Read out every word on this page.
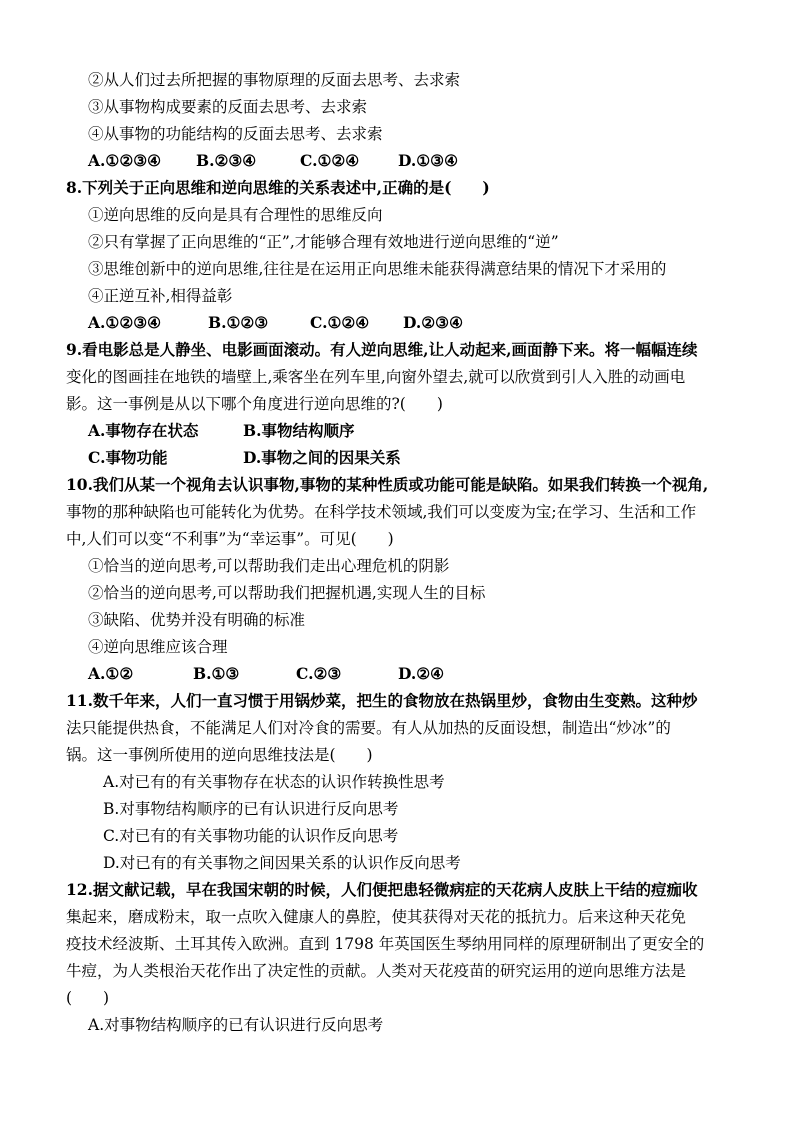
②从人们过去所把握的事物原理的反面去思考、去求索
③从事物构成要素的反面去思考、去求索
④从事物的功能结构的反面去思考、去求索
A.①②③④ B.②③④	C.①②④	D.①③④
8.下列关于正向思维和逆向思维的关系表述中,正确的是(　　)
①逆向思维的反向是具有合理性的思维反向
②只有掌握了正向思维的“正”,才能够合理有效地进行逆向思维的“逆”
③思维创新中的逆向思维,往往是在运用正向思维未能获得满意结果的情况下才采用的
④正逆互补,相得益彰
A.①②③④	B.①②③	C.①②④ D.②③④
9.看电影总是人静坐、电影画面滚动。有人逆向思维,让人动起来,画面静下来。将一幅幅连续
变化的图画挂在地铁的墙壁上,乘客坐在列车里,向窗外望去,就可以欣赏到引人入胜的动画电
影。这一事例是从以下哪个角度进行逆向思维的?(　　)
A.事物存在状态	B.事物结构顺序
C.事物功能	D.事物之间的因果关系
10.我们从某一个视角去认识事物,事物的某种性质或功能可能是缺陷。如果我们转换一个视角,
事物的那种缺陷也可能转化为优势。在科学技术领域,我们可以变废为宝;在学习、生活和工作
中,人们可以变“不利事”为“幸运事”。可见(　　)
①恰当的逆向思考,可以帮助我们走出心理危机的阴影
②恰当的逆向思考,可以帮助我们把握机遇,实现人生的目标
③缺陷、优势并没有明确的标准
④逆向思维应该合理
A.①②	B.①③	C.②③	D.②④
11.数千年来，人们一直习惯于用锅炒菜，把生的食物放在热锅里炒，食物由生变熟。这种炒
法只能提供热食，不能满足人们对冷食的需要。有人从加热的反面设想，制造出“炒冰”的
锅。这一事例所使用的逆向思维技法是(　　)
A.对已有的有关事物存在状态的认识作转换性思考
B.对事物结构顺序的已有认识进行反向思考
C.对已有的有关事物功能的认识作反向思考
D.对已有的有关事物之间因果关系的认识作反向思考
12.据文献记载，早在我国宋朝的时候，人们便把患轻微病症的天花病人皮肤上干结的痘痂收
集起来，磨成粉末，取一点吹入健康人的鼻腔，使其获得对天花的抵抗力。后来这种天花免
疫技术经波斯、土耳其传入欧洲。直到 1798 年英国医生琴纳用同样的原理研制出了更安全的
牛痘，为人类根治天花作出了决定性的贡献。人类对天花疫苗的研究运用的逆向思维方法是
(　　)
A.对事物结构顺序的已有认识进行反向思考
